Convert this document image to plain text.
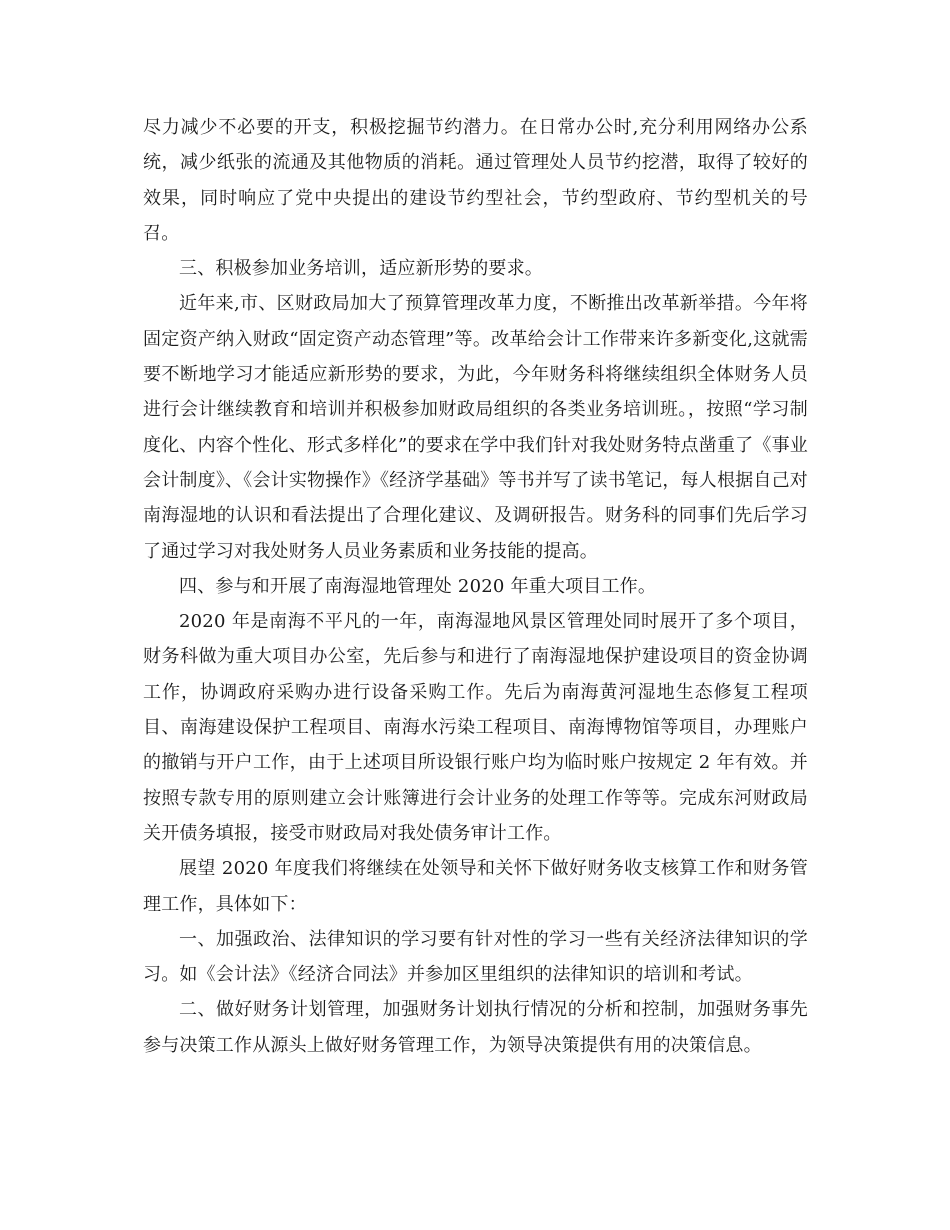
尽力减少不必要的开支，积极挖掘节约潜力。在日常办公时,充分利用网络办公系统，减少纸张的流通及其他物质的消耗。通过管理处人员节约挖潜，取得了较好的效果，同时响应了党中央提出的建设节约型社会，节约型政府、节约型机关的号召。

三、积极参加业务培训，适应新形势的要求。

近年来,市、区财政局加大了预算管理改革力度，不断推出改革新举措。今年将固定资产纳入财政“固定资产动态管理”等。改革给会计工作带来许多新变化,这就需要不断地学习才能适应新形势的要求，为此，今年财务科将继续组织全体财务人员进行会计继续教育和培训并积极参加财政局组织的各类业务培训班。，按照“学习制度化、内容个性化、形式多样化”的要求在学中我们针对我处财务特点凿重了《事业会计制度》、《会计实物操作》《经济学基础》等书并写了读书笔记，每人根据自己对南海湿地的认识和看法提出了合理化建议、及调研报告。财务科的同事们先后学习了通过学习对我处财务人员业务素质和业务技能的提高。

四、参与和开展了南海湿地管理处 2020 年重大项目工作。

2020 年是南海不平凡的一年，南海湿地风景区管理处同时展开了多个项目，财务科做为重大项目办公室，先后参与和进行了南海湿地保护建设项目的资金协调工作，协调政府采购办进行设备采购工作。先后为南海黄河湿地生态修复工程项目、南海建设保护工程项目、南海水污染工程项目、南海博物馆等项目，办理账户的撤销与开户工作，由于上述项目所设银行账户均为临时账户按规定 2 年有效。并按照专款专用的原则建立会计账簿进行会计业务的处理工作等等。完成东河财政局关开债务填报，接受市财政局对我处债务审计工作。

展望 2020 年度我们将继续在处领导和关怀下做好财务收支核算工作和财务管理工作，具体如下：

一、加强政治、法律知识的学习要有针对性的学习一些有关经济法律知识的学习。如《会计法》《经济合同法》并参加区里组织的法律知识的培训和考试。

二、做好财务计划管理，加强财务计划执行情况的分析和控制，加强财务事先参与决策工作从源头上做好财务管理工作，为领导决策提供有用的决策信息。
